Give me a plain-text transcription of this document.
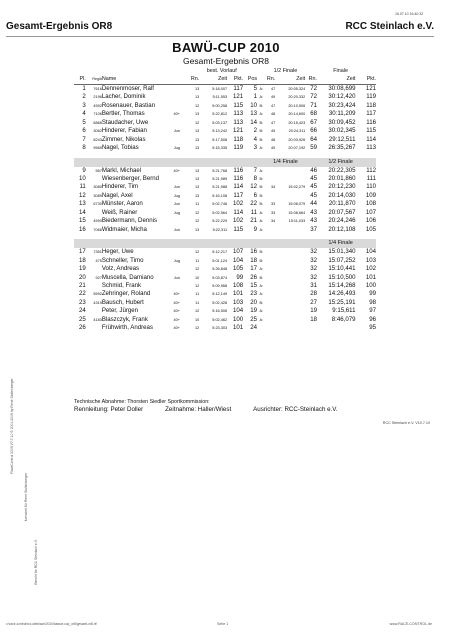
16.07.10 16:40:32
Gesamt-Ergebnis OR8	RCC Steinlach e.V.
BAWÜ-CUP 2010
Gesamt-Ergebnis OR8
				best. Vorlauf					1/2 Finale		Finale		
Pl.	Regi#	Name		Rn.	Zeit	Pkt.	Pos		Rn.	Zeit	Rn.	Zeit	Pkt.
1	7616	Dennenmoser, Ralf		13	5:18,007	117	5	A:	47	20:05,324	72	30:08,699	121
2	2196	Lacher, Dominik		13	5:11,553	121	1	A:	49	20:20,332	72	30:12,420	119
3	4592	Rosenauer, Bastian		12	5:00,258	115	10	B:	47	20:10,506	71	30:23,424	118
4	7106	Bertler, Thomas	40+	13	5:22,812	113	13	A:	48	20:14,600	68	30:11,209	117
5	6868	Staudacher, Uwe		12	5:03,137	113	14	B:	47	20:15,423	67	30:09,452	116
6	3062	Hinderer, Fabian	Jun	13	5:13,242	121	2	B:	49	20:24,311	66	30:02,345	115
7	8243	Zimmer, Nikolas		13	5:17,508	118	4	B:	48	20:03,926	64	29:12,511	114
8	9569	Nagel, Tobias	Jug	13	5:15,335	119	3	A:	49	20:07,192	59	26:35,267	113

									1/4 Finale		1/2 Finale		
9	567	Markl, Michael	40+	13	5:21,768	116	7	A:			46	20:22,305	112
10		Wiesenberger, Bernd		13	5:21,989	116	8	B:			45	20:01,860	111
11	3080	Hinderer, Tim	Jun	13	5:21,988	114	12	B:	34	15:02,279	45	20:12,230	110
12	3089	Nagel, Axel	Jug	13	5:16,108	117	6	B:			45	20:14,030	109
13	6730	Münster, Aaron	Jun	11	5:02,746	102	22	B:	33	15:06,079	44	20:11,870	108
14		Weiß, Rainer	Jug	12	5:02,564	114	11	A:	33	15:08,664	43	20:07,567	107
15	4590	Biedermann, Dennis		12	5:22,229	102	21	A:	34	15:11,033	43	20:24,246	106
16	7066	Widmaier, Micha	Jun	13	5:22,311	115	9	A:			37	20:12,108	105

											1/4 Finale		
17	7351	Heger, Uwe		12	5:12,217	107	16	B:			32	15:01,340	104
18	475	Schneller, Timo	Jug	11	5:01,124	104	18	B:			32	15:07,252	103
19		Volz, Andreas		12	5:26,848	105	17	A:			32	15:10,441	102
20	927	Muscella, Damiano	Jun	10	5:03,874	99	26	B:			32	15:10,500	101
21		Schmid, Frank		12	5:09,968	108	15	A:			31	15:14,268	100
22	5592	Zehringer, Roland	40+	11	5:12,149	101	23	A:			28	14:26,493	99
23	4319	Bausch, Hubert	40+	11	5:02,428	103	20	B:			27	15:25,191	98
24		Peter, Jürgen	40+	12	5:16,506	104	19	A:			19	9:15,611	97
25	4183	Blaszczyk, Frank	40+	10	5:02,462	100	25	A:			18	8:46,079	96
26		Frühwirth, Andreas	40+	12	5:23,303	101	24						95
Technische Abnahme: Thorsten Siedler Sportkommission:
Rennleitung: Peter Doller	Zeitnahme: Haller/Wiest	Ausrichter: RCC-Steinlach e.V.
RCC Steinlach e.V. V10.7.10
Bericht für RCC Steinlach e.V.
lizenziert für Rene Stollenberger
RaceControl 2009 V7.7.10 © 2001-2009 by René Stollenberger
c:\race-control\rcc-steinlach\2010\bawue-cup_or8\gesamt-or8.rtf	Seite 1	www.RACE-CONTROL.de
